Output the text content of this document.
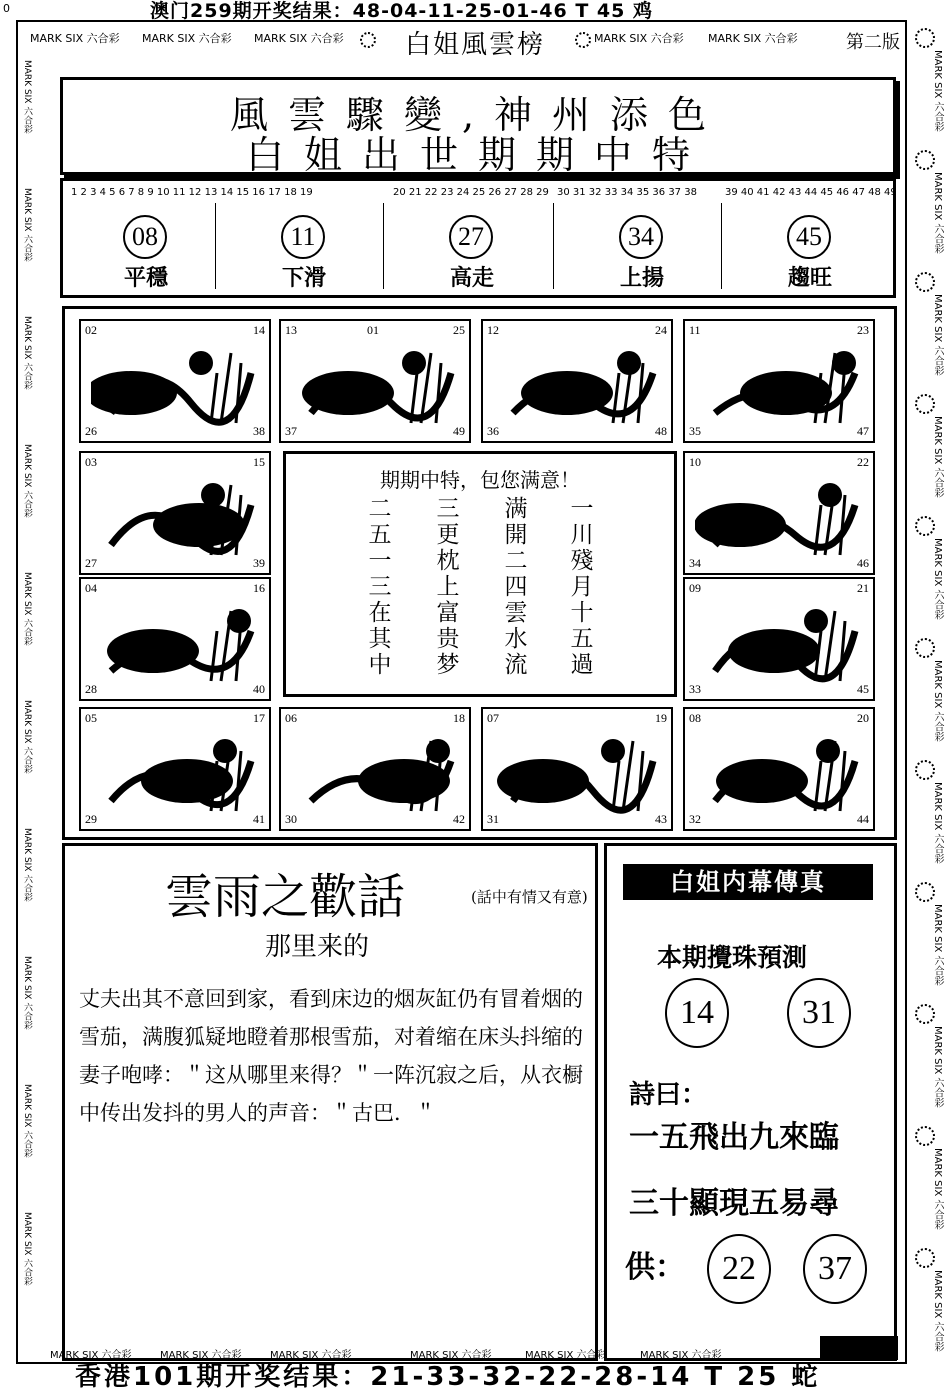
0	澳门259期开奖结果：48-04-11-25-01-46 T 45 鸡
MARK SIX 六合彩
MARK SIX 六合彩
MARK SIX 六合彩
MARK SIX 六合彩
MARK SIX 六合彩
MARK SIX 六合彩
MARK SIX 六合彩
MARK SIX 六合彩
MARK SIX 六合彩
MARK SIX 六合彩
MARK SIX 六合彩
MARK SIX 六合彩
MARK SIX 六合彩
MARK SIX 六合彩
MARK SIX 六合彩
MARK SIX 六合彩
MARK SIX 六合彩
MARK SIX 六合彩
MARK SIX 六合彩
MARK SIX 六合彩
MARK SIX 六合彩
MARK SIX 六合彩 MARK SIX 六合彩 MARK SIX 六合彩 白姐風雲榜	MARK SIX 六合彩 MARK SIX 六合彩	第二版
風雲驟變,神州添色
白姐出世期期中特
1 2 3 4 5 6 7 8 9 10 11 12 13 14 15 16 17 18 19	20 21 22 23 24 25 26 27 28 29 30 31 32 33 34 35 36 37 38	39 40 41 42 43 44 45 46 47 48 49
08
平穩
11
下滑
27
高走
34
上揚
45
趨旺
期期中特，包您满意！
二五一三在其中
三更枕上富贵梦
满開二四雲水流
一川殘月十五過
02	14
26	38
13	25
37	49
01	12	24
36	48
11	23
35	47
03	15
27	39
10	22
34	46
04	16
28	40
09	21
33	45
05	17
29	41
06	18
30	42
07	19
31	43
08	20
32	44
雲雨之歡話	(話中有情又有意)
那里来的
丈夫出其不意回到家，看到床边的烟灰缸仍有冒着烟的雪茄，满腹狐疑地瞪着那根雪茄，对着缩在床头抖缩的妻子咆哮：＂这从哪里来得？＂一阵沉寂之后，从衣橱中传出发抖的男人的声音：＂古巴．＂
白姐内幕傳真
本期攪珠預測
14	31
詩曰：
一五飛出九來臨
三十顯現五易尋
供：	22	37
MARK SIX 六合彩	MARK SIX 六合彩	MARK SIX 六合彩	MARK SIX 六合彩	MARK SIX 六合彩	MARK SIX 六合彩
香港101期开奖结果：21-33-32-22-28-14 T 25 蛇
